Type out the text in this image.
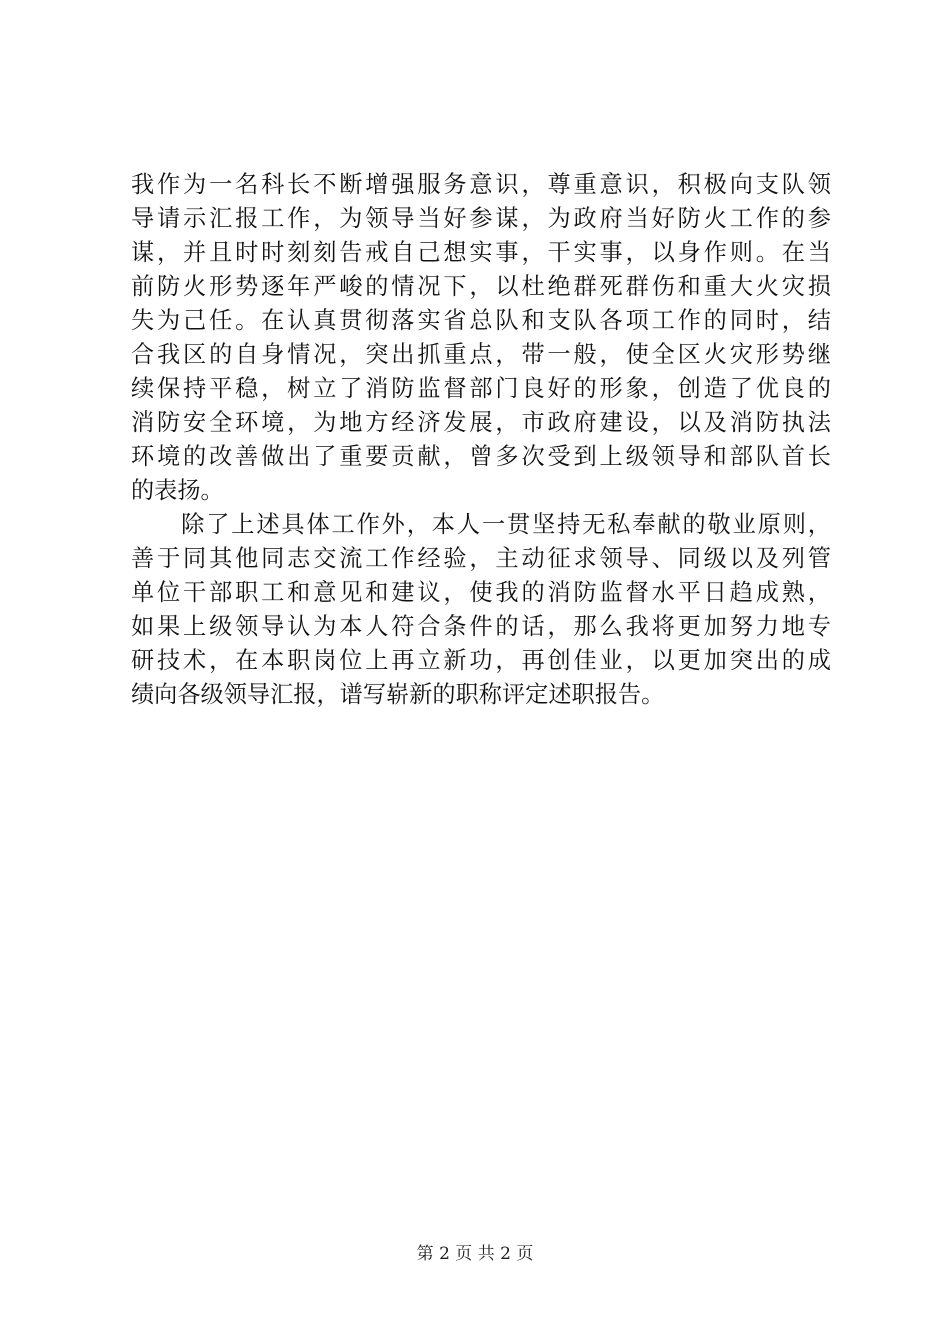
我作为一名科长不断增强服务意识，尊重意识，积极向支队领
导请示汇报工作，为领导当好参谋，为政府当好防火工作的参
谋，并且时时刻刻告戒自己想实事，干实事，以身作则。在当
前防火形势逐年严峻的情况下，以杜绝群死群伤和重大火灾损
失为己任。在认真贯彻落实省总队和支队各项工作的同时，结
合我区的自身情况，突出抓重点，带一般，使全区火灾形势继
续保持平稳，树立了消防监督部门良好的形象，创造了优良的
消防安全环境，为地方经济发展，市政府建设，以及消防执法
环境的改善做出了重要贡献，曾多次受到上级领导和部队首长
的表扬。
　　除了上述具体工作外，本人一贯坚持无私奉献的敬业原则，
善于同其他同志交流工作经验，主动征求领导、同级以及列管
单位干部职工和意见和建议，使我的消防监督水平日趋成熟，
如果上级领导认为本人符合条件的话，那么我将更加努力地专
研技术，在本职岗位上再立新功，再创佳业，以更加突出的成
绩向各级领导汇报，谱写崭新的职称评定述职报告。
第 2 页 共 2 页
